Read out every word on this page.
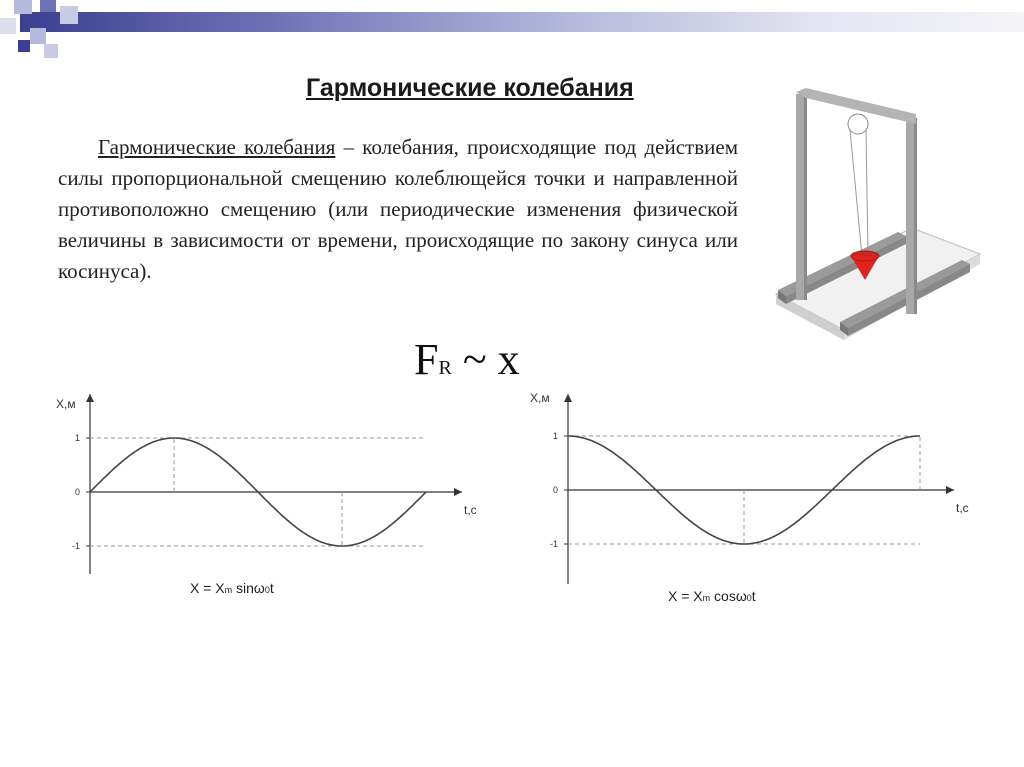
Гармонические колебания

Гармонические колебания – колебания, происходящие под действием силы пропорциональной смещению колеблющейся точки и направленной противоположно смещению (или периодические изменения физической величины в зависимости от времени, происходящие по закону синуса или косинуса).

FR ~ x
1
0
-1
X,м
t,c
X = Xm sinω0t
1
0
-1
X,м
t,c
X = Xm cosω0t
